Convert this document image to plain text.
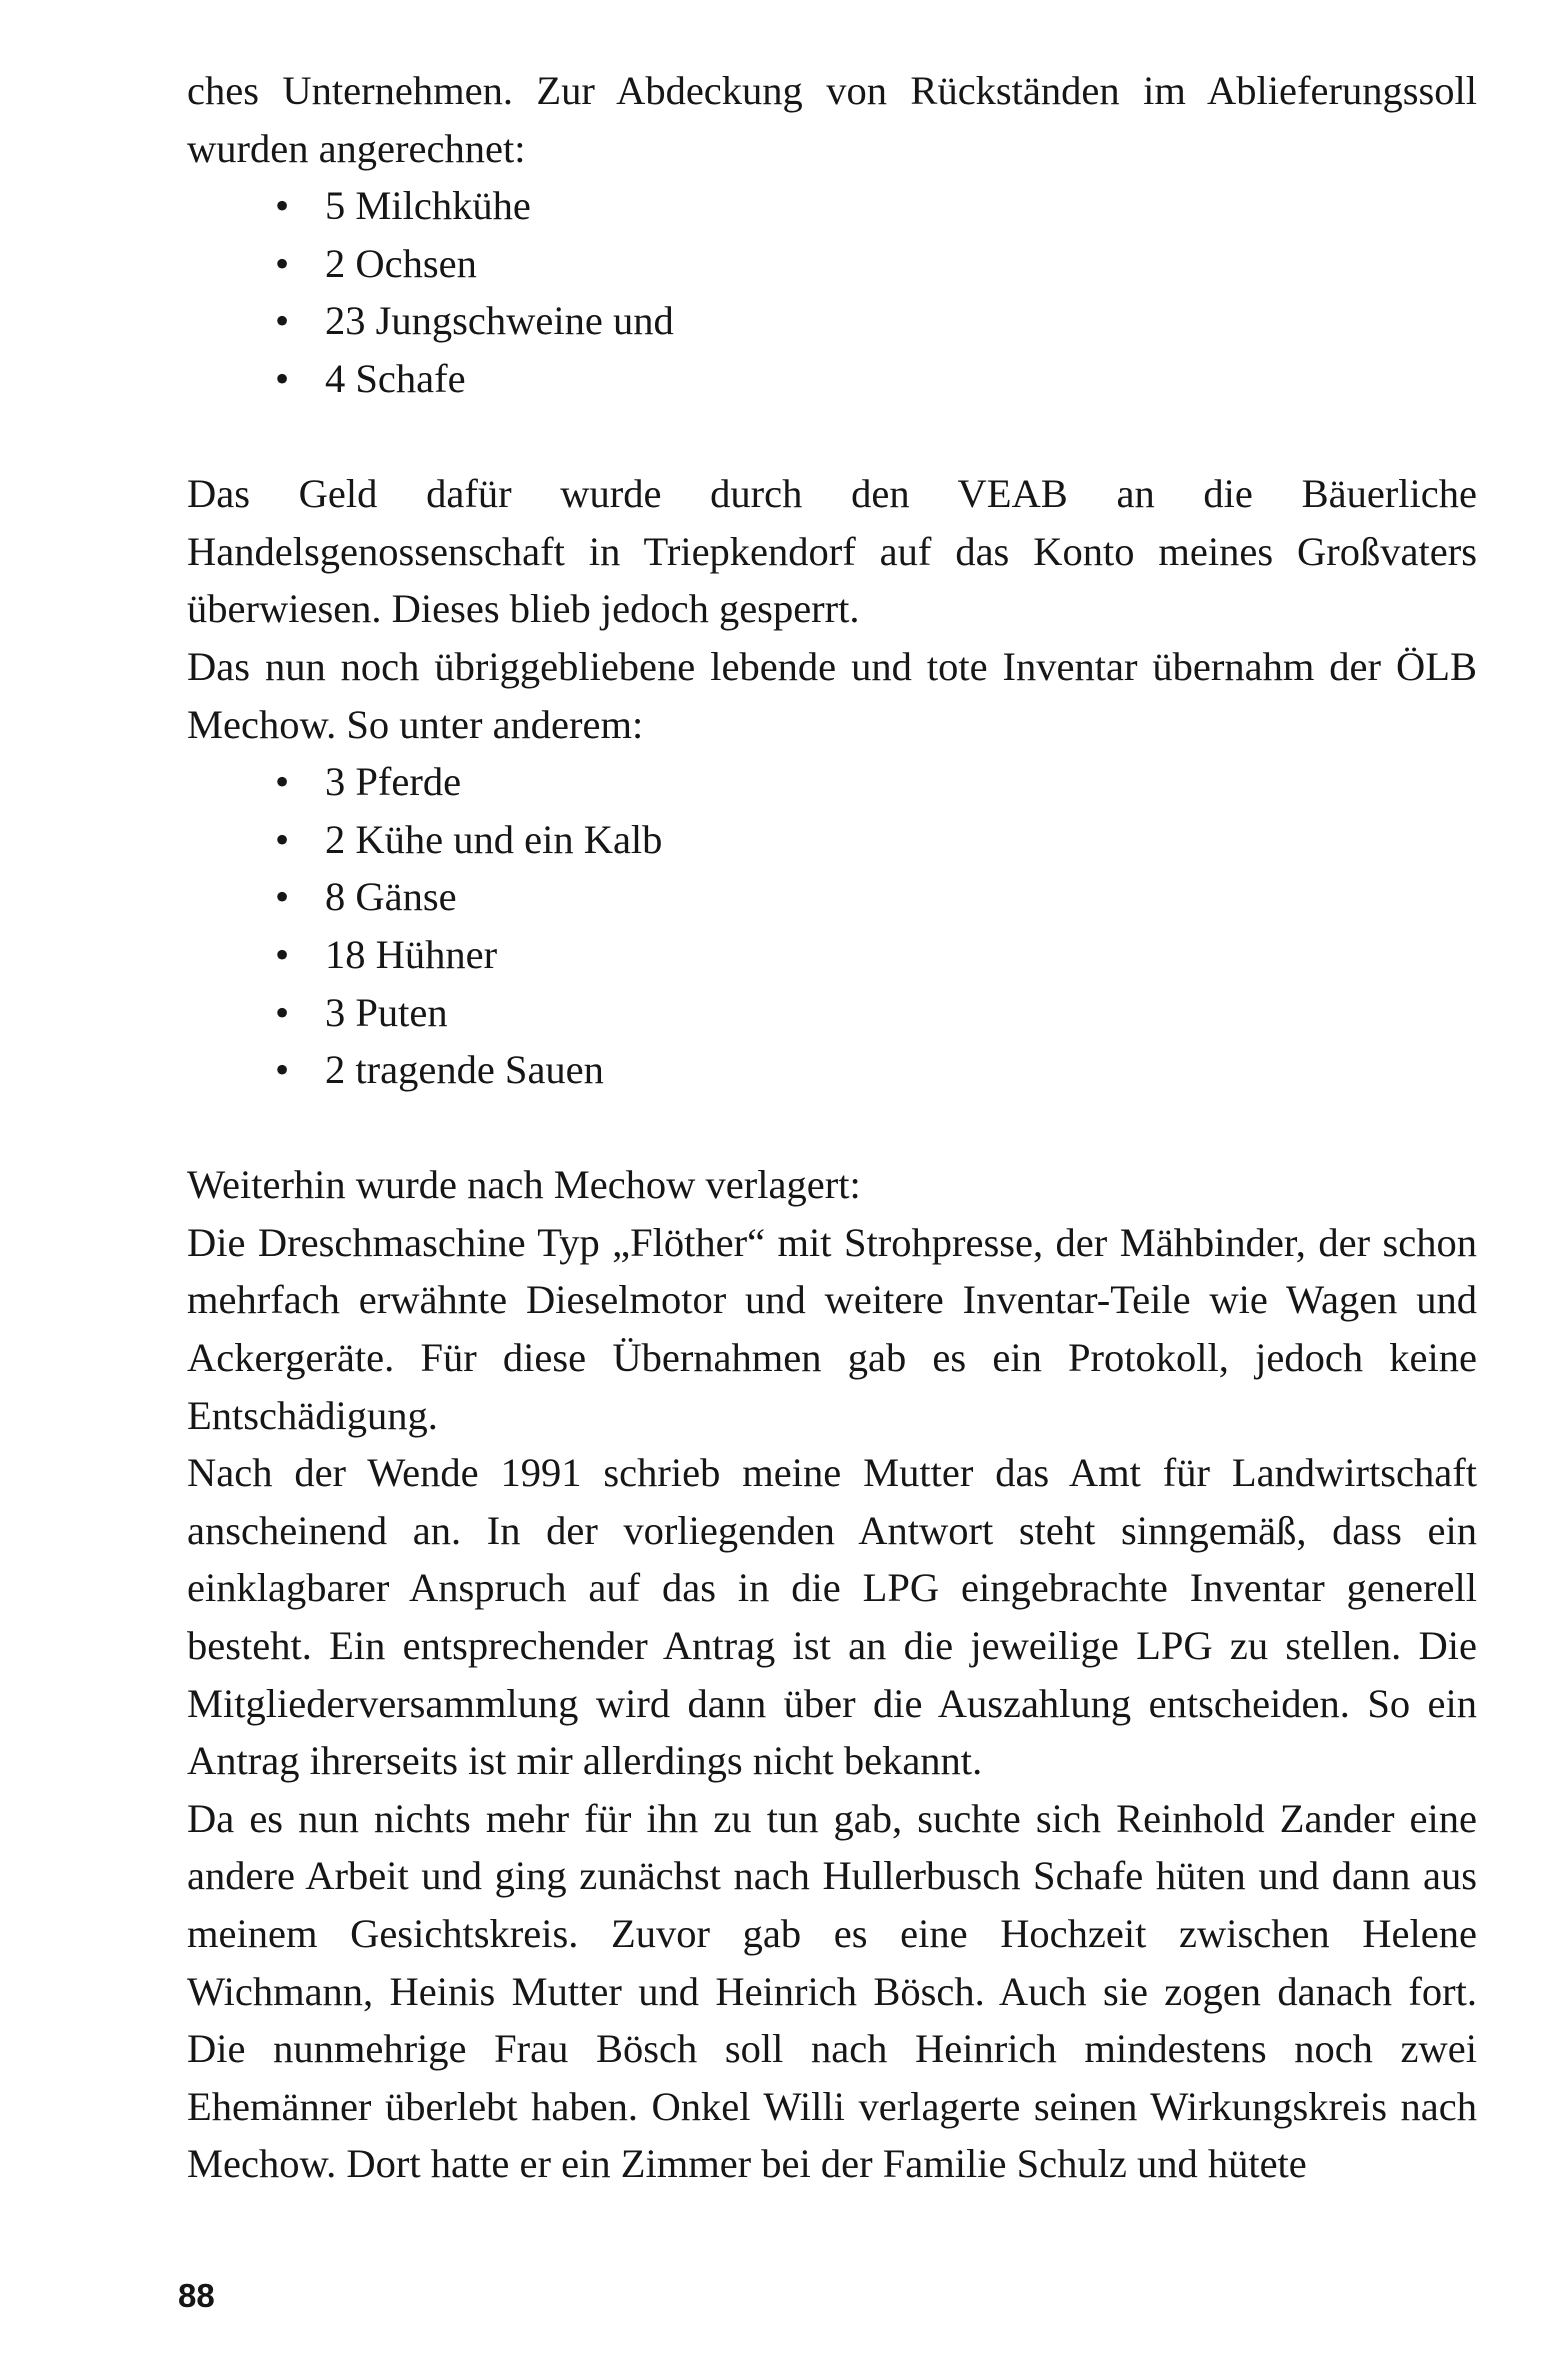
ches Unternehmen. Zur Abdeckung von Rückständen im Ablieferungssoll wurden angerechnet:

• 5 Milchkühe
• 2 Ochsen
• 23 Jungschweine und
• 4 Schafe

Das Geld dafür wurde durch den VEAB an die Bäuerliche Handelsgenossenschaft in Triepkendorf auf das Konto meines Großvaters überwiesen. Dieses blieb jedoch gesperrt.

Das nun noch übriggebliebene lebende und tote Inventar übernahm der ÖLB Mechow. So unter anderem:

• 3 Pferde
• 2 Kühe und ein Kalb
• 8 Gänse
• 18 Hühner
• 3 Puten
• 2 tragende Sauen

Weiterhin wurde nach Mechow verlagert:

Die Dreschmaschine Typ „Flöther“ mit Strohpresse, der Mähbinder, der schon mehrfach erwähnte Dieselmotor und weitere Inventar-Teile wie Wagen und Ackergeräte. Für diese Übernahmen gab es ein Protokoll, jedoch keine Entschädigung.

Nach der Wende 1991 schrieb meine Mutter das Amt für Landwirtschaft anscheinend an. In der vorliegenden Antwort steht sinngemäß, dass ein einklagbarer Anspruch auf das in die LPG eingebrachte Inventar generell besteht. Ein entsprechender Antrag ist an die jeweilige LPG zu stellen. Die Mitgliederversammlung wird dann über die Auszahlung entscheiden. So ein Antrag ihrerseits ist mir allerdings nicht bekannt.

Da es nun nichts mehr für ihn zu tun gab, suchte sich Reinhold Zander eine andere Arbeit und ging zunächst nach Hullerbusch Schafe hüten und dann aus meinem Gesichtskreis. Zuvor gab es eine Hochzeit zwischen Helene Wichmann, Heinis Mutter und Heinrich Bösch. Auch sie zogen danach fort. Die nunmehrige Frau Bösch soll nach Heinrich mindestens noch zwei Ehemänner überlebt haben. Onkel Willi verlagerte seinen Wirkungskreis nach Mechow. Dort hatte er ein Zimmer bei der Familie Schulz und hütete

88
